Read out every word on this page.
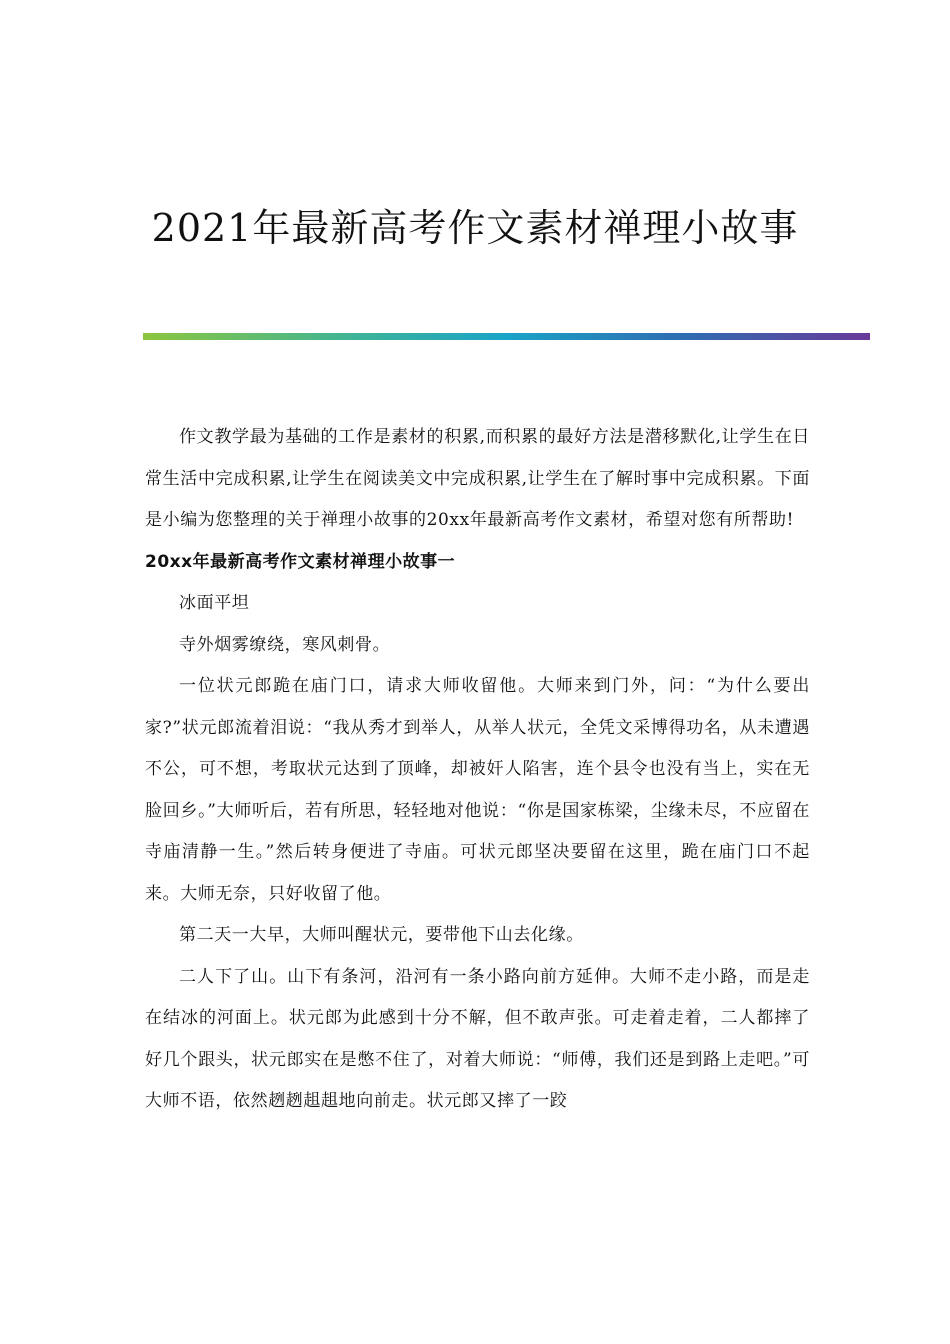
2021年最新高考作文素材禅理小故事

作文教学最为基础的工作是素材的积累,而积累的最好方法是潜移默化,让学生在日常生活中完成积累,让学生在阅读美文中完成积累,让学生在了解时事中完成积累。下面是小编为您整理的关于禅理小故事的20xx年最新高考作文素材，希望对您有所帮助!

20xx年最新高考作文素材禅理小故事一

冰面平坦

寺外烟雾缭绕，寒风刺骨。

一位状元郎跪在庙门口，请求大师收留他。大师来到门外，问：“为什么要出家?”状元郎流着泪说：“我从秀才到举人，从举人状元，全凭文采博得功名，从未遭遇不公，可不想，考取状元达到了顶峰，却被奸人陷害，连个县令也没有当上，实在无脸回乡。”大师听后，若有所思，轻轻地对他说：“你是国家栋梁，尘缘未尽，不应留在寺庙清静一生。”然后转身便进了寺庙。可状元郎坚决要留在这里，跪在庙门口不起来。大师无奈，只好收留了他。

第二天一大早，大师叫醒状元，要带他下山去化缘。

二人下了山。山下有条河，沿河有一条小路向前方延伸。大师不走小路，而是走在结冰的河面上。状元郎为此感到十分不解，但不敢声张。可走着走着，二人都摔了好几个跟头，状元郎实在是憋不住了，对着大师说：“师傅，我们还是到路上走吧。”可大师不语，依然趔趔趄趄地向前走。状元郎又摔了一跤
